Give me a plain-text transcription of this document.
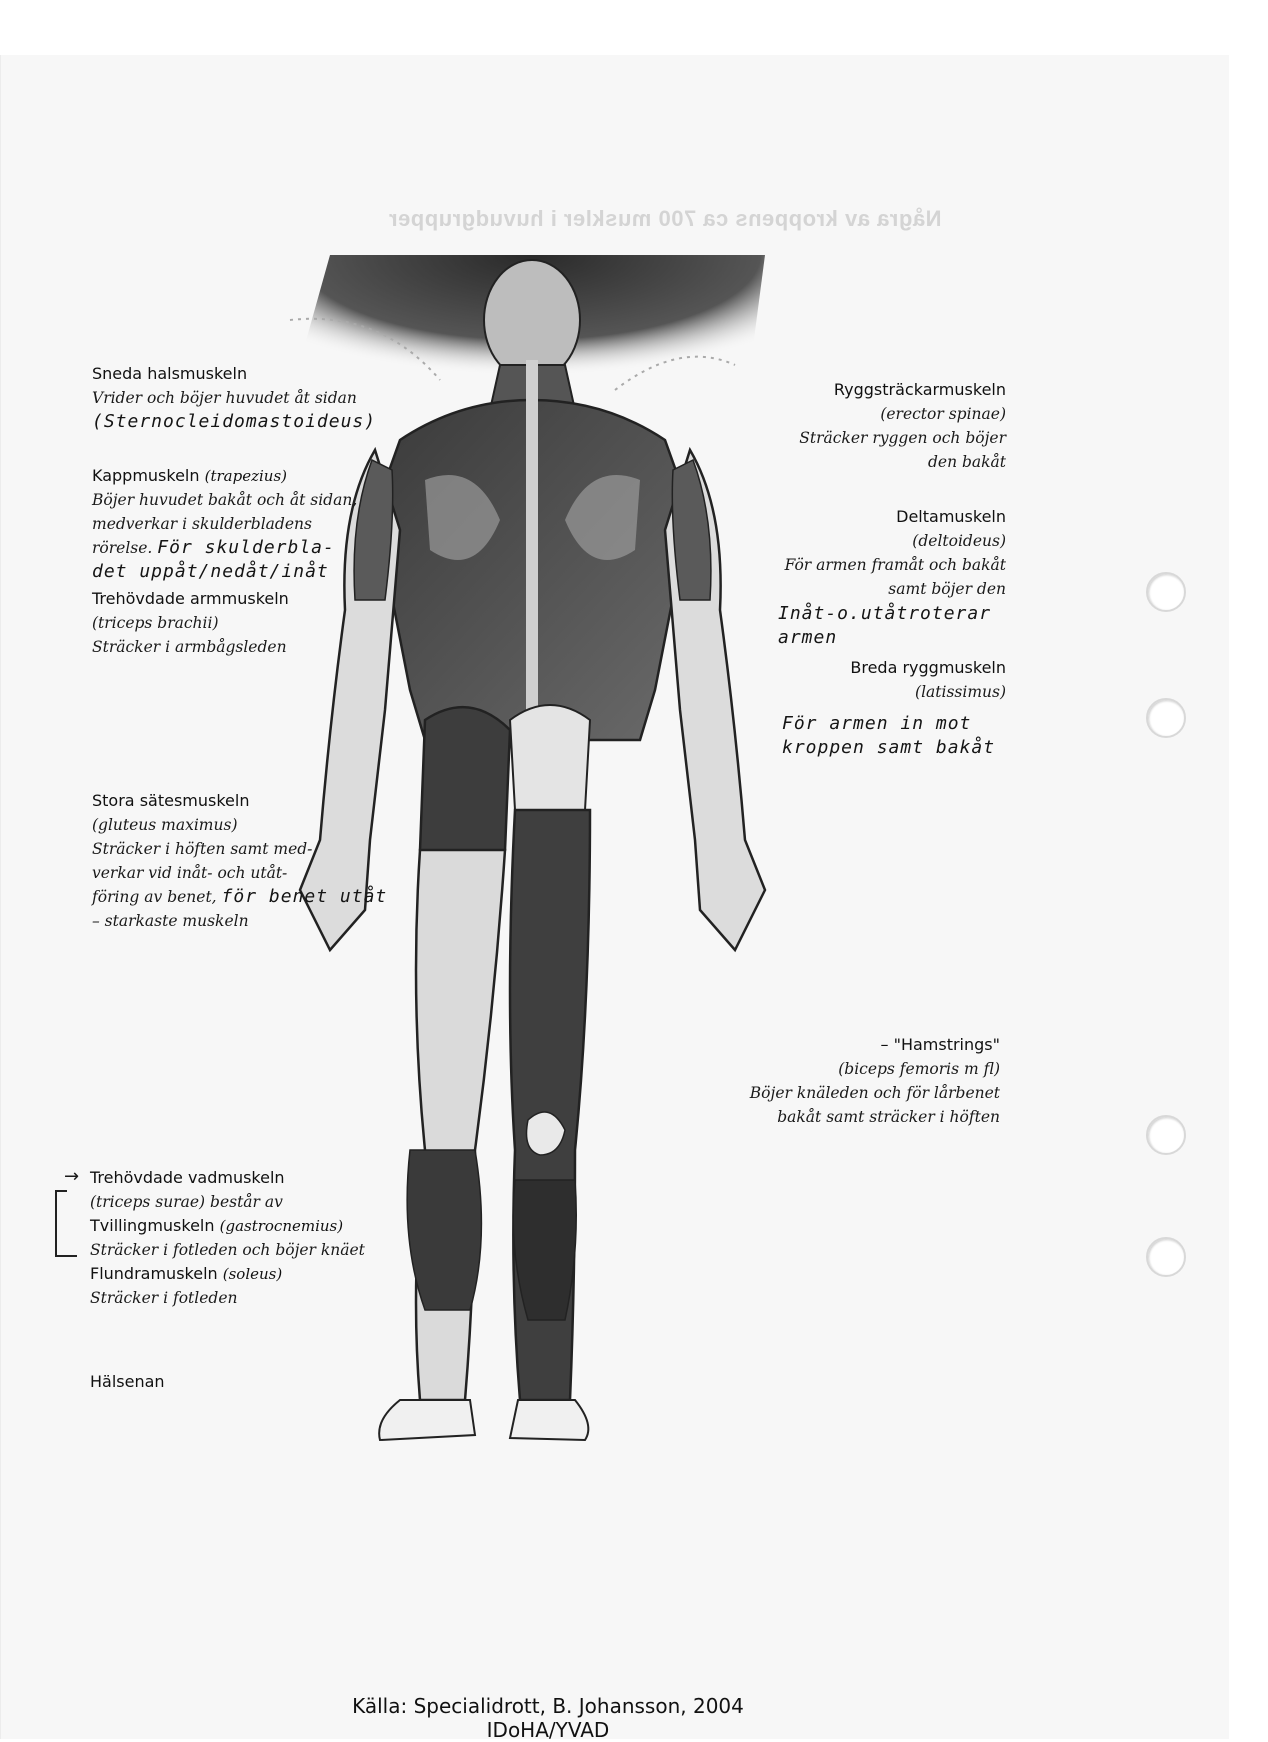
Några av kroppens ca 700 muskler i huvudgrupper
Sneda halsmuskeln
Vrider och böjer huvudet åt sidan
(Sternocleidomastoideus)
Kappmuskeln (trapezius)
Böjer huvudet bakåt och åt sidan,
medverkar i skulderbladens
rörelse. För skulderbla-
det uppåt/nedåt/inåt
Trehövdade armmuskeln
(triceps brachii)
Sträcker i armbågsleden
Stora sätesmuskeln
(gluteus maximus)
Sträcker i höften samt med-
verkar vid inåt- och utåt-
föring av benet, för benet utåt
– starkaste muskeln
→ Trehövdade vadmuskeln
(triceps surae) består av
Tvillingmuskeln (gastrocnemius)
Sträcker i fotleden och böjer knäet
Flundramuskeln (soleus)
Sträcker i fotleden
Hälsenan
Ryggsträckarmuskeln
(erector spinae)
Sträcker ryggen och böjer
den bakåt
Deltamuskeln
(deltoideus)
För armen framåt och bakåt
samt böjer den
Inåt-o.utåtroterar
armen
Breda ryggmuskeln
(latissimus)
För armen in mot
kroppen samt bakåt
– "Hamstrings"
(biceps femoris m fl)
Böjer knäleden och för lårbenet
bakåt samt sträcker i höften
Källa: Specialidrott, B. Johansson, 2004
IDoHA/YVAD
